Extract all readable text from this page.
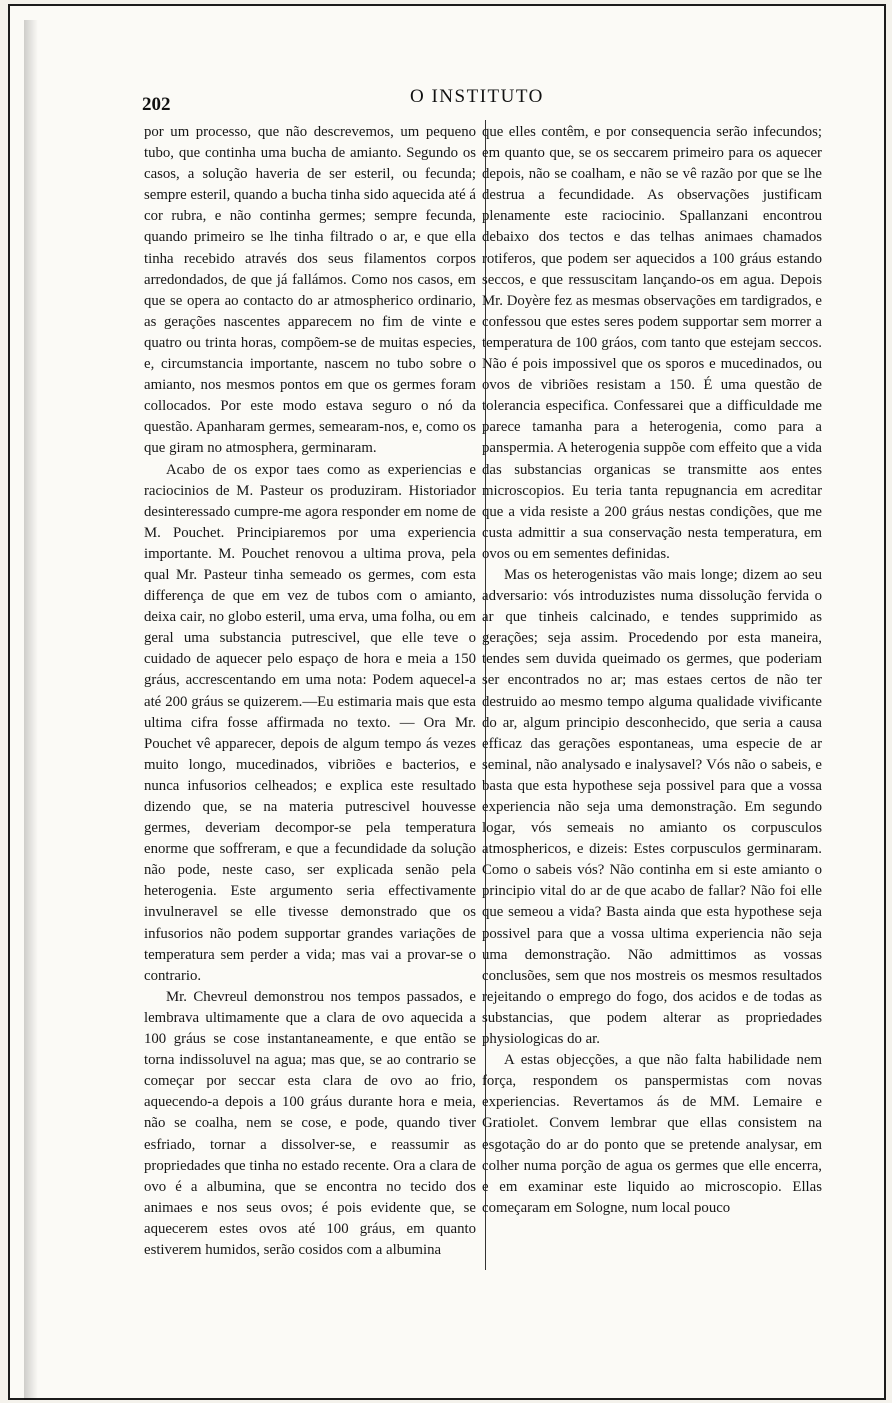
202	O INSTITUTO

por um processo, que não descrevemos, um pequeno tubo, que continha uma bucha de amianto. Segundo os casos, a solução haveria de ser esteril, ou fecunda; sempre esteril, quando a bucha tinha sido aquecida até á cor rubra, e não continha germes; sempre fecunda, quando primeiro se lhe tinha filtrado o ar, e que ella tinha recebido através dos seus filamentos corpos arredondados, de que já fallámos. Como nos casos, em que se opera ao contacto do ar atmospherico ordinario, as gerações nascentes apparecem no fim de vinte e quatro ou trinta horas, compõem-se de muitas especies, e, circumstancia importante, nascem no tubo sobre o amianto, nos mesmos pontos em que os germes foram collocados. Por este modo estava seguro o nó da questão. Apanharam germes, semearam-nos, e, como os que giram no atmosphera, germinaram.

Acabo de os expor taes como as experiencias e raciocinios de M. Pasteur os produziram. Historiador desinteressado cumpre-me agora responder em nome de M. Pouchet. Principiaremos por uma experiencia importante. M. Pouchet renovou a ultima prova, pela qual Mr. Pasteur tinha semeado os germes, com esta differença de que em vez de tubos com o amianto, deixa cair, no globo esteril, uma erva, uma folha, ou em geral uma substancia putrescivel, que elle teve o cuidado de aquecer pelo espaço de hora e meia a 150 gráus, accrescentando em uma nota: Podem aquecel-a até 200 gráus se quizerem.—Eu estimaria mais que esta ultima cifra fosse affirmada no texto. — Ora Mr. Pouchet vê apparecer, depois de algum tempo ás vezes muito longo, mucedinados, vibriões e bacterios, e nunca infusorios celheados; e explica este resultado dizendo que, se na materia putrescivel houvesse germes, deveriam decompor-se pela temperatura enorme que soffreram, e que a fecundidade da solução não pode, neste caso, ser explicada senão pela heterogenia. Este argumento seria effectivamente invulneravel se elle tivesse demonstrado que os infusorios não podem supportar grandes variações de temperatura sem perder a vida; mas vai a provar-se o contrario.

Mr. Chevreul demonstrou nos tempos passados, e lembrava ultimamente que a clara de ovo aquecida a 100 gráus se cose instantaneamente, e que então se torna indissoluvel na agua; mas que, se ao contrario se começar por seccar esta clara de ovo ao frio, aquecendo-a depois a 100 gráus durante hora e meia, não se coalha, nem se cose, e pode, quando tiver esfriado, tornar a dissolver-se, e reassumir as propriedades que tinha no estado recente. Ora a clara de ovo é a albumina, que se encontra no tecido dos animaes e nos seus ovos; é pois evidente que, se aquecerem estes ovos até 100 gráus, em quanto estiverem humidos, serão cosidos com a albumina

que elles contêm, e por consequencia serão infecundos; em quanto que, se os seccarem primeiro para os aquecer depois, não se coalham, e não se vê razão por que se lhe destrua a fecundidade. As observações justificam plenamente este raciocinio. Spallanzani encontrou debaixo dos tectos e das telhas animaes chamados rotiferos, que podem ser aquecidos a 100 gráus estando seccos, e que ressuscitam lançando-os em agua. Depois Mr. Doyère fez as mesmas observações em tardigrados, e confessou que estes seres podem supportar sem morrer a temperatura de 100 gráos, com tanto que estejam seccos. Não é pois impossivel que os sporos e mucedinados, ou ovos de vibriões resistam a 150. É uma questão de tolerancia especifica. Confessarei que a difficuldade me parece tamanha para a heterogenia, como para a panspermia. A heterogenia suppõe com effeito que a vida das substancias organicas se transmitte aos entes microscopios. Eu teria tanta repugnancia em acreditar que a vida resiste a 200 gráus nestas condições, que me custa admittir a sua conservação nesta temperatura, em ovos ou em sementes definidas.

Mas os heterogenistas vão mais longe; dizem ao seu adversario: vós introduzistes numa dissolução fervida o ar que tinheis calcinado, e tendes supprimido as gerações; seja assim. Procedendo por esta maneira, tendes sem duvida queimado os germes, que poderiam ser encontrados no ar; mas estaes certos de não ter destruido ao mesmo tempo alguma qualidade vivificante do ar, algum principio desconhecido, que seria a causa efficaz das gerações espontaneas, uma especie de ar seminal, não analysado e inalysavel? Vós não o sabeis, e basta que esta hypothese seja possivel para que a vossa experiencia não seja uma demonstração. Em segundo logar, vós semeais no amianto os corpusculos atmosphericos, e dizeis: Estes corpusculos germinaram. Como o sabeis vós? Não continha em si este amianto o principio vital do ar de que acabo de fallar? Não foi elle que semeou a vida? Basta ainda que esta hypothese seja possivel para que a vossa ultima experiencia não seja uma demonstração. Não admittimos as vossas conclusões, sem que nos mostreis os mesmos resultados rejeitando o emprego do fogo, dos acidos e de todas as substancias, que podem alterar as propriedades physiologicas do ar.

A estas objecções, a que não falta habilidade nem força, respondem os panspermistas com novas experiencias. Revertamos ás de MM. Lemaire e Gratiolet. Convem lembrar que ellas consistem na esgotação do ar do ponto que se pretende analysar, em colher numa porção de agua os germes que elle encerra, e em examinar este liquido ao microscopio. Ellas começaram em Sologne, num local pouco
